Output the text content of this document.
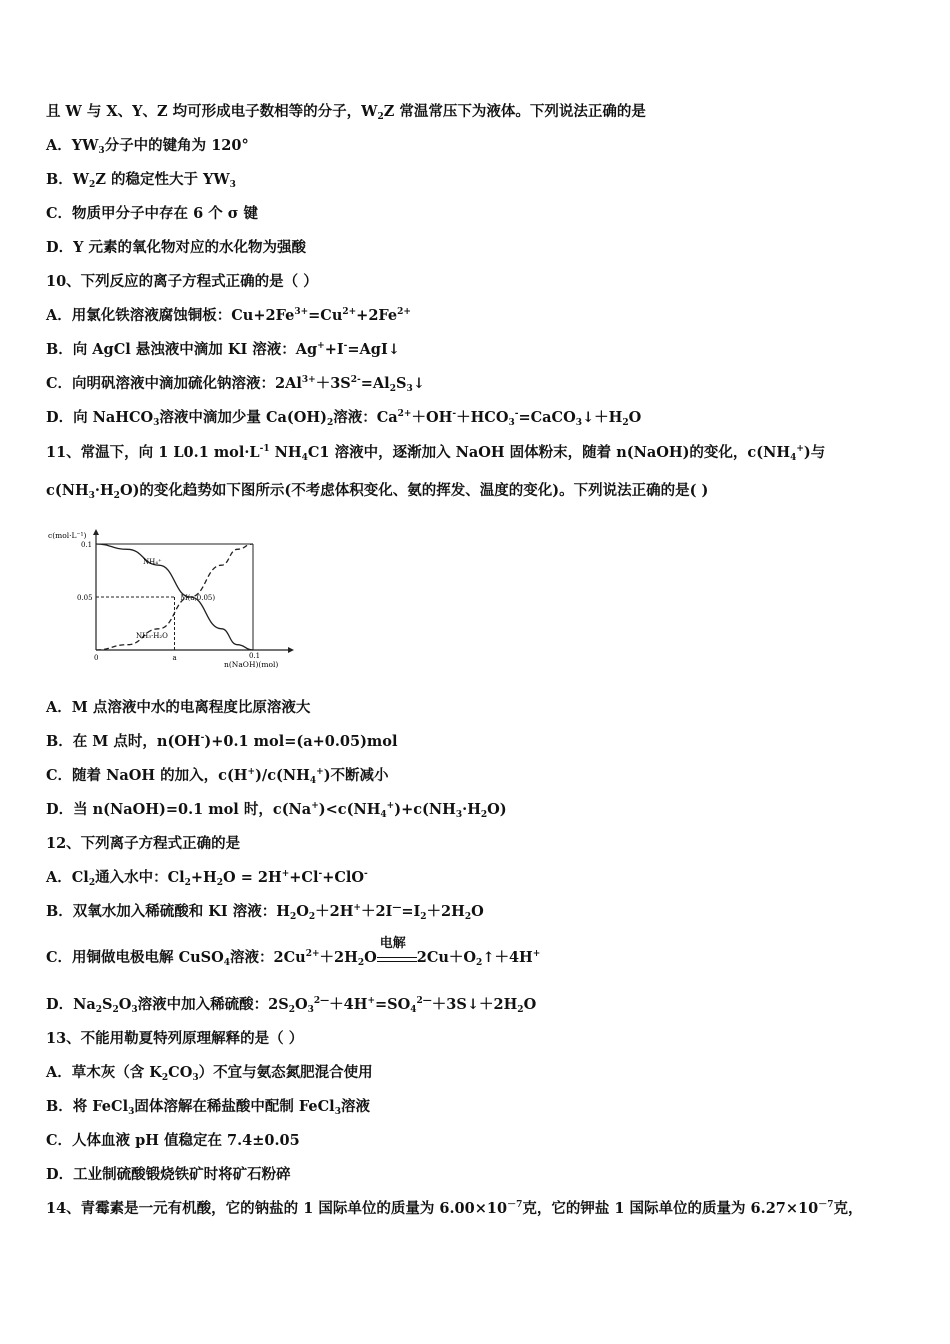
且 W 与 X、Y、Z 均可形成电子数相等的分子，$W_2Z$ 常温常压下为液体。下列说法正确的是
A．$YW_3$分子中的键角为 120°
B．$W_2Z$ 的稳定性大于 $YW_3$
C．物质甲分子中存在 6 个 σ 键
D．Y 元素的氧化物对应的水化物为强酸
10、下列反应的离子方程式正确的是（ ）
A．用氯化铁溶液腐蚀铜板：$Cu+2Fe^{3+}=Cu^{2+}+2Fe^{2+}$
B．向 AgCl 悬浊液中滴加 KI 溶液：Ag++I-=AgI↓
C．向明矾溶液中滴加硫化钠溶液：$2Al^{3+}+3S^{2-}=Al_2S_3↓$
D．向 NaHCO$_3$溶液中滴加少量 $Ca(OH)_2$溶液：$Ca^{2+}+OH^-+HCO_3^-=CaCO_3↓+H_2O$
11、常温下，向 1 L0.1 $mol\cdot L^{-1}$ $NH_4C1$ 溶液中，逐渐加入 NaOH 固体粉末，随着 n(NaOH)的变化，$c(NH_4^+)$与
$c(NH_3\cdot H_2O)$的变化趋势如下图所示(不考虑体积变化、氨的挥发、温度的变化)。下列说法正确的是( )
c(mol·L⁻¹)
n(NaOH)(mol)
0.1
0.05
0	a	0.1
M(a,0.05)
NH₄⁺
NH₃·H₂O
A．M 点溶液中水的电离程度比原溶液大
B．在 M 点时，n(OH-)+0.1 mol=(a+0.05)mol
C．随着 NaOH 的加入，$c(H^+)/c(NH_4^+)$不断减小
D．当 n(NaOH)=0.1 mol 时，$c(Na^+)<c(NH_4^+)+c(NH_3\cdot H_2O)$
12、下列离子方程式正确的是
A．$Cl_2$通入水中：$Cl_2+H_2O = 2H^++Cl^-+ClO^-$
B．双氧水加入稀硫酸和 KI 溶液：$H_2O_2+2H^++2I^—=I_2+2H_2O$
C．用铜做电极电解 CuSO$_4$溶液：$2Cu^{2+}+2H_2O$
电解
$2Cu+O_2↑+4H^+$
D．$Na_2S_2O_3$溶液中加入稀硫酸：$2S_2O_3^{2—}+4H^+=SO_4^{2—}+3S↓+2H_2O$
13、不能用勒夏特列原理解释的是（ ）
A．草木灰（含 $K_2CO_3$）不宜与氨态氮肥混合使用
B．将 FeCl$_3$固体溶解在稀盐酸中配制 FeCl$_3$溶液
C．人体血液 pH 值稳定在 7.4±0.05
D．工业制硫酸锻烧铁矿时将矿石粉碎
14、青霉素是一元有机酸，它的钠盐的 1 国际单位的质量为 $6.00\times 10^{-7}$克，它的钾盐 1 国际单位的质量为 $6.27\times 10^{-7}$克，
